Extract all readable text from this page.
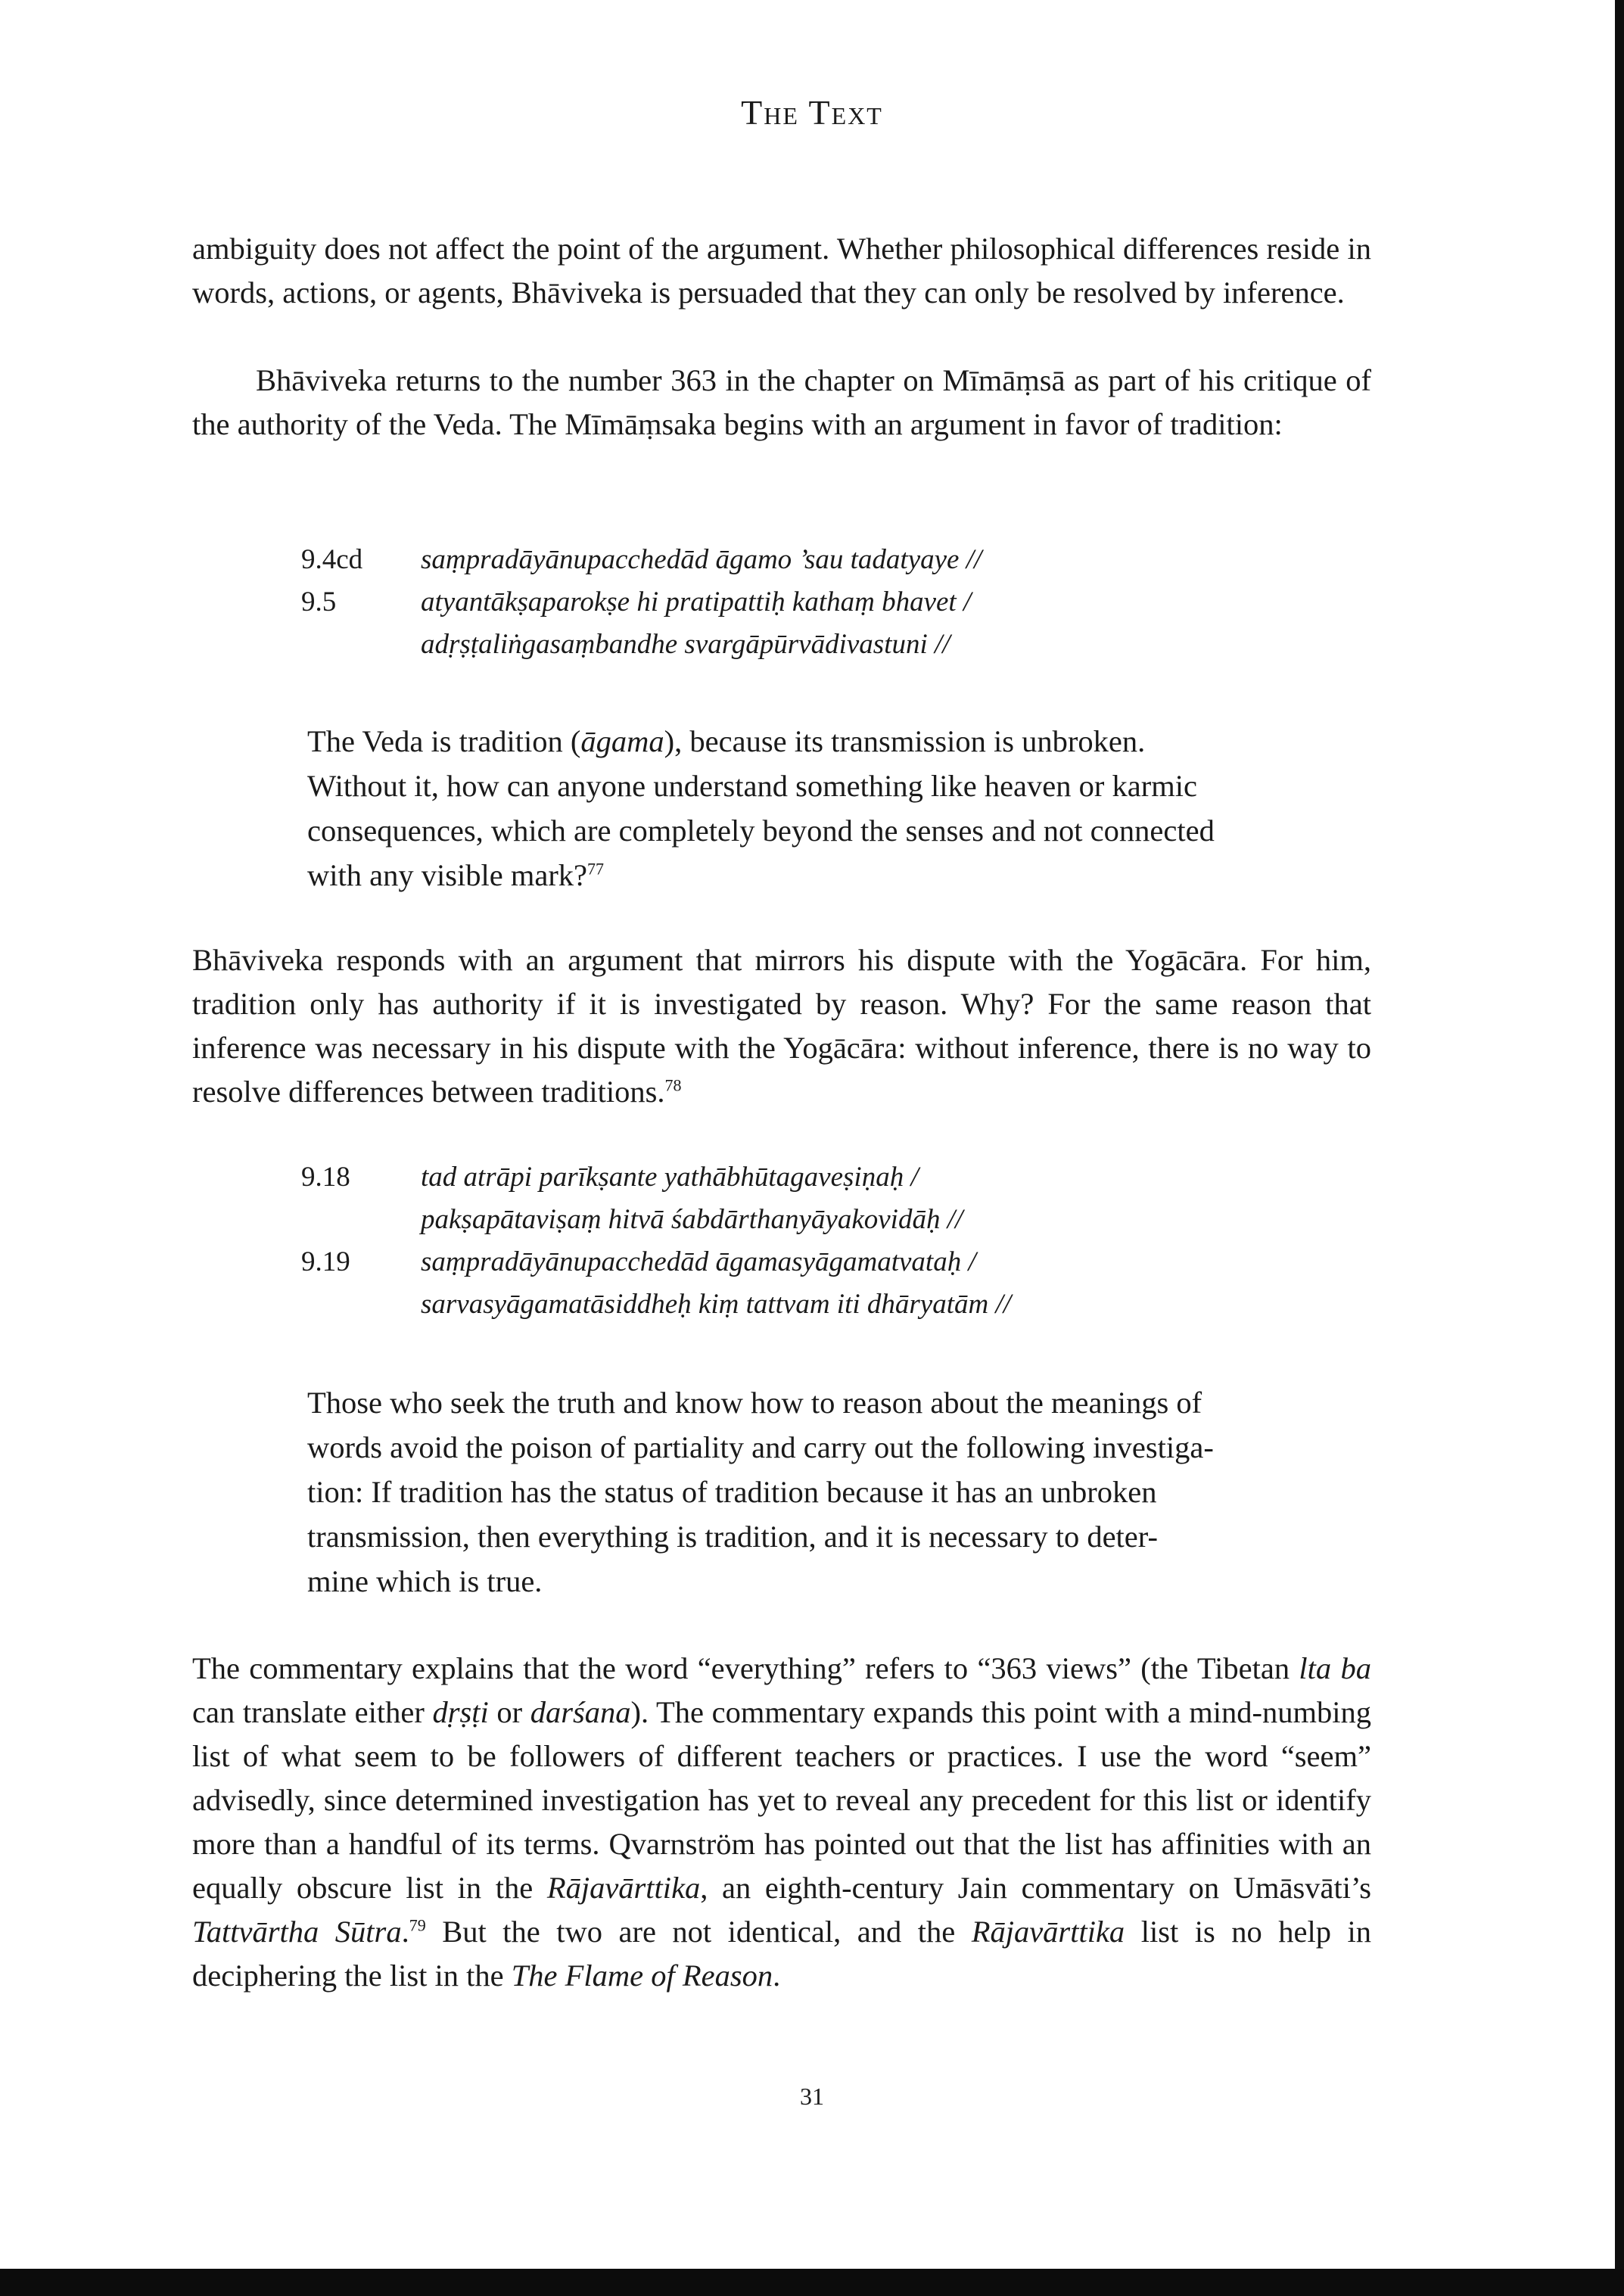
The Text

ambiguity does not affect the point of the argument. Whether philosophical differences reside in words, actions, or agents, Bhāviveka is persuaded that they can only be resolved by inference.

Bhāviveka returns to the number 363 in the chapter on Mīmāṃsā as part of his critique of the authority of the Veda. The Mīmāṃsaka begins with an argument in favor of tradition:

9.4cd	saṃpradāyānupacchedād āgamo ’sau tadatyaye //
9.5	atyantākṣaparokṣe hi pratipattiḥ kathaṃ bhavet /
adṛṣṭaliṅgasaṃbandhe svargāpūrvādivastuni //
The Veda is tradition (āgama), because its transmission is unbroken.
Without it, how can anyone understand something like heaven or karmic
consequences, which are completely beyond the senses and not connected
with any visible mark?$^{77}$

Bhāviveka responds with an argument that mirrors his dispute with the Yogācāra. For him, tradition only has authority if it is investigated by reason. Why? For the same reason that inference was necessary in his dispute with the Yogācāra: without inference, there is no way to resolve differences between traditions.$^{78}$

9.18	tad atrāpi parīkṣante yathābhūtagaveṣiṇaḥ /
pakṣapātaviṣaṃ hitvā śabdārthanyāyakovidāḥ //
9.19	saṃpradāyānupacchedād āgamasyāgamatvataḥ /
sarvasyāgamatāsiddheḥ kiṃ tattvam iti dhāryatām //
Those who seek the truth and know how to reason about the meanings of
words avoid the poison of partiality and carry out the following investiga-
tion: If tradition has the status of tradition because it has an unbroken
transmission, then everything is tradition, and it is necessary to deter-
mine which is true.

The commentary explains that the word “everything” refers to “363 views” (the Tibetan lta ba can translate either dṛṣṭi or darśana). The commentary expands this point with a mind-numbing list of what seem to be followers of different teachers or practices. I use the word “seem” advisedly, since determined investigation has yet to reveal any precedent for this list or identify more than a handful of its terms. Qvarnström has pointed out that the list has affinities with an equally obscure list in the Rājavārttika, an eighth-century Jain commentary on Umāsvāti’s Tattvārtha Sūtra.$^{79}$ But the two are not identical, and the Rājavārttika list is no help in deciphering the list in the The Flame of Reason.

31
